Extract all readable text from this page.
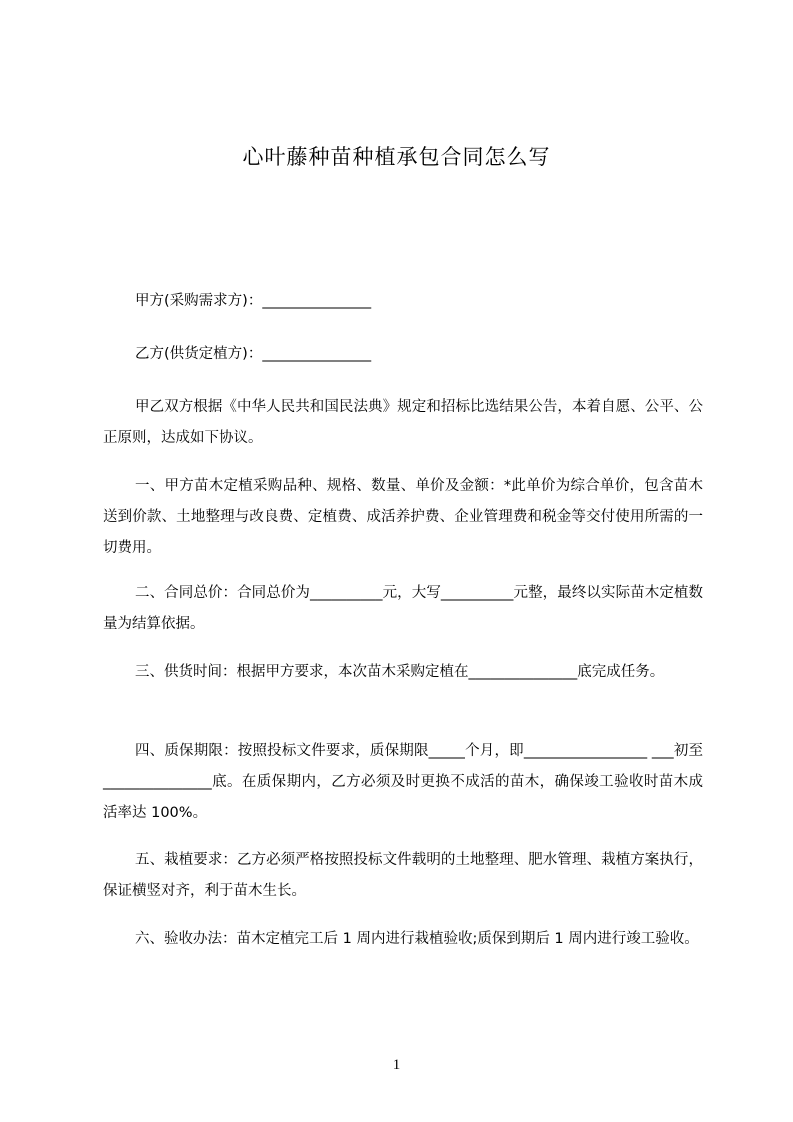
心叶藤种苗种植承包合同怎么写
甲方(采购需求方)：_______________
乙方(供货定植方)：_______________
甲乙双方根据《中华人民共和国民法典》规定和招标比选结果公告，本着自愿、公平、公正原则，达成如下协议。
一、甲方苗木定植采购品种、规格、数量、单价及金额：*此单价为综合单价，包含苗木送到价款、土地整理与改良费、定植费、成活养护费、企业管理费和税金等交付使用所需的一切费用。
二、合同总价：合同总价为__________元，大写__________元整，最终以实际苗木定植数量为结算依据。
三、供货时间：根据甲方要求，本次苗木采购定植在_______________底完成任务。
四、质保期限：按照投标文件要求，质保期限_____个月，即_________________ ___初至_______________底。在质保期内，乙方必须及时更换不成活的苗木，确保竣工验收时苗木成活率达 100%。
五、栽植要求：乙方必须严格按照投标文件载明的土地整理、肥水管理、栽植方案执行，保证横竖对齐，利于苗木生长。
六、验收办法：苗木定植完工后 1 周内进行栽植验收;质保到期后 1 周内进行竣工验收。
1
